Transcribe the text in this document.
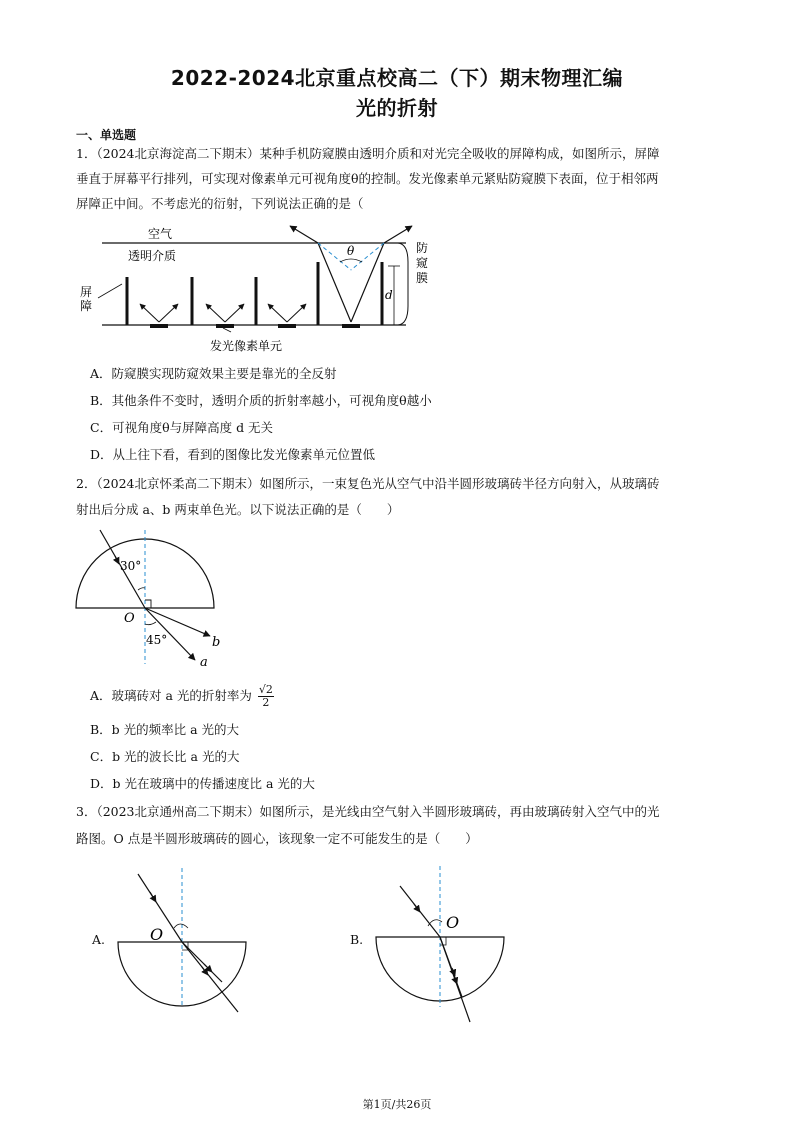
2022-2024北京重点校高二（下）期末物理汇编
光的折射
一、单选题
1．（2024北京海淀高二下期末）某种手机防窥膜由透明介质和对光完全吸收的屏障构成，如图所示，屏障
垂直于屏幕平行排列，可实现对像素单元可视角度θ的控制。发光像素单元紧贴防窥膜下表面，位于相邻两
屏障正中间。不考虑光的衍射，下列说法正确的是（
空气
透明介质
屏
障
θ
d
防
窥
膜
发光像素单元
A．防窥膜实现防窥效果主要是靠光的全反射
B．其他条件不变时，透明介质的折射率越小，可视角度θ越小
C．可视角度θ与屏障高度 d 无关
D．从上往下看，看到的图像比发光像素单元位置低
2．（2024北京怀柔高二下期末）如图所示，一束复色光从空气中沿半圆形玻璃砖半径方向射入，从玻璃砖
射出后分成 a、b 两束单色光。以下说法正确的是（　　）
30°
45°
O
b
a
A．玻璃砖对 a 光的折射率为 $\frac{√2}{2}$
B．b 光的频率比 a 光的大
C．b 光的波长比 a 光的大
D．b 光在玻璃中的传播速度比 a 光的大
3．（2023北京通州高二下期末）如图所示，是光线由空气射入半圆形玻璃砖，再由玻璃砖射入空气中的光
路图。O 点是半圆形玻璃砖的圆心，该现象一定不可能发生的是（　　）
A.	O	B.
O
第1页/共26页
